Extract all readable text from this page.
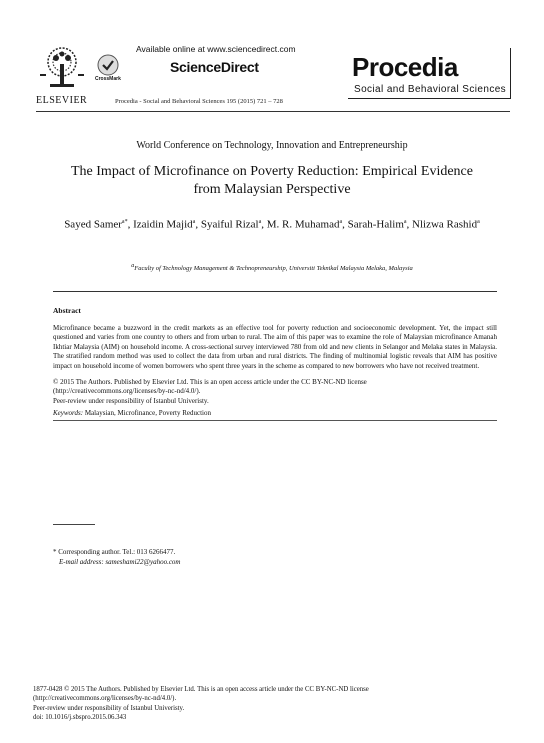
ELSEVIER
Available online at www.sciencedirect.com
CrossMark
ScienceDirect
Procedia - Social and Behavioral Sciences 195 (2015) 721 – 728
Procedia
Social and Behavioral Sciences
World Conference on Technology, Innovation and Entrepreneurship
The Impact of Microfinance on Poverty Reduction: Empirical Evidence from Malaysian Perspective
Sayed Samer$^{a*}$, Izaidin Majid$^a$, Syaiful Rizal$^a$, M. R. Muhamad$^a$, Sarah-Halim$^a$, Nlizwa Rashid$^a$
$^a$Faculty of Technology Management & Technopreneurship, Universiti Teknikal Malaysia Melaka, Malaysia
Abstract
Microfinance became a buzzword in the credit markets as an effective tool for poverty reduction and socioeconomic development. Yet, the impact still questioned and varies from one country to others and from urban to rural. The aim of this paper was to examine the role of Malaysian microfinance Amanah Ikhtiar Malaysia (AIM) on household income. A cross-sectional survey interviewed 780 from old and new clients in Selangor and Melaka states in Malaysia. The stratified random method was used to collect the data from urban and rural districts. The finding of multinomial logistic reveals that AIM has positive impact on household income of women borrowers who spent three years in the scheme as compared to new borrowers who have not received treatment.
© 2015 The Authors. Published by Elsevier Ltd. This is an open access article under the CC BY-NC-ND license
(http://creativecommons.org/licenses/by-nc-nd/4.0/).
Peer-review under responsibility of Istanbul Univeristy.
Keywords: Malaysian, Microfinance, Poverty Reduction
* Corresponding author. Tel.: 013 6266477.
E-mail address: sameshami22@yahoo.com
1877-0428 © 2015 The Authors. Published by Elsevier Ltd. This is an open access article under the CC BY-NC-ND license
(http://creativecommons.org/licenses/by-nc-nd/4.0/).
Peer-review under responsibility of Istanbul Univeristy.
doi: 10.1016/j.sbspro.2015.06.343
